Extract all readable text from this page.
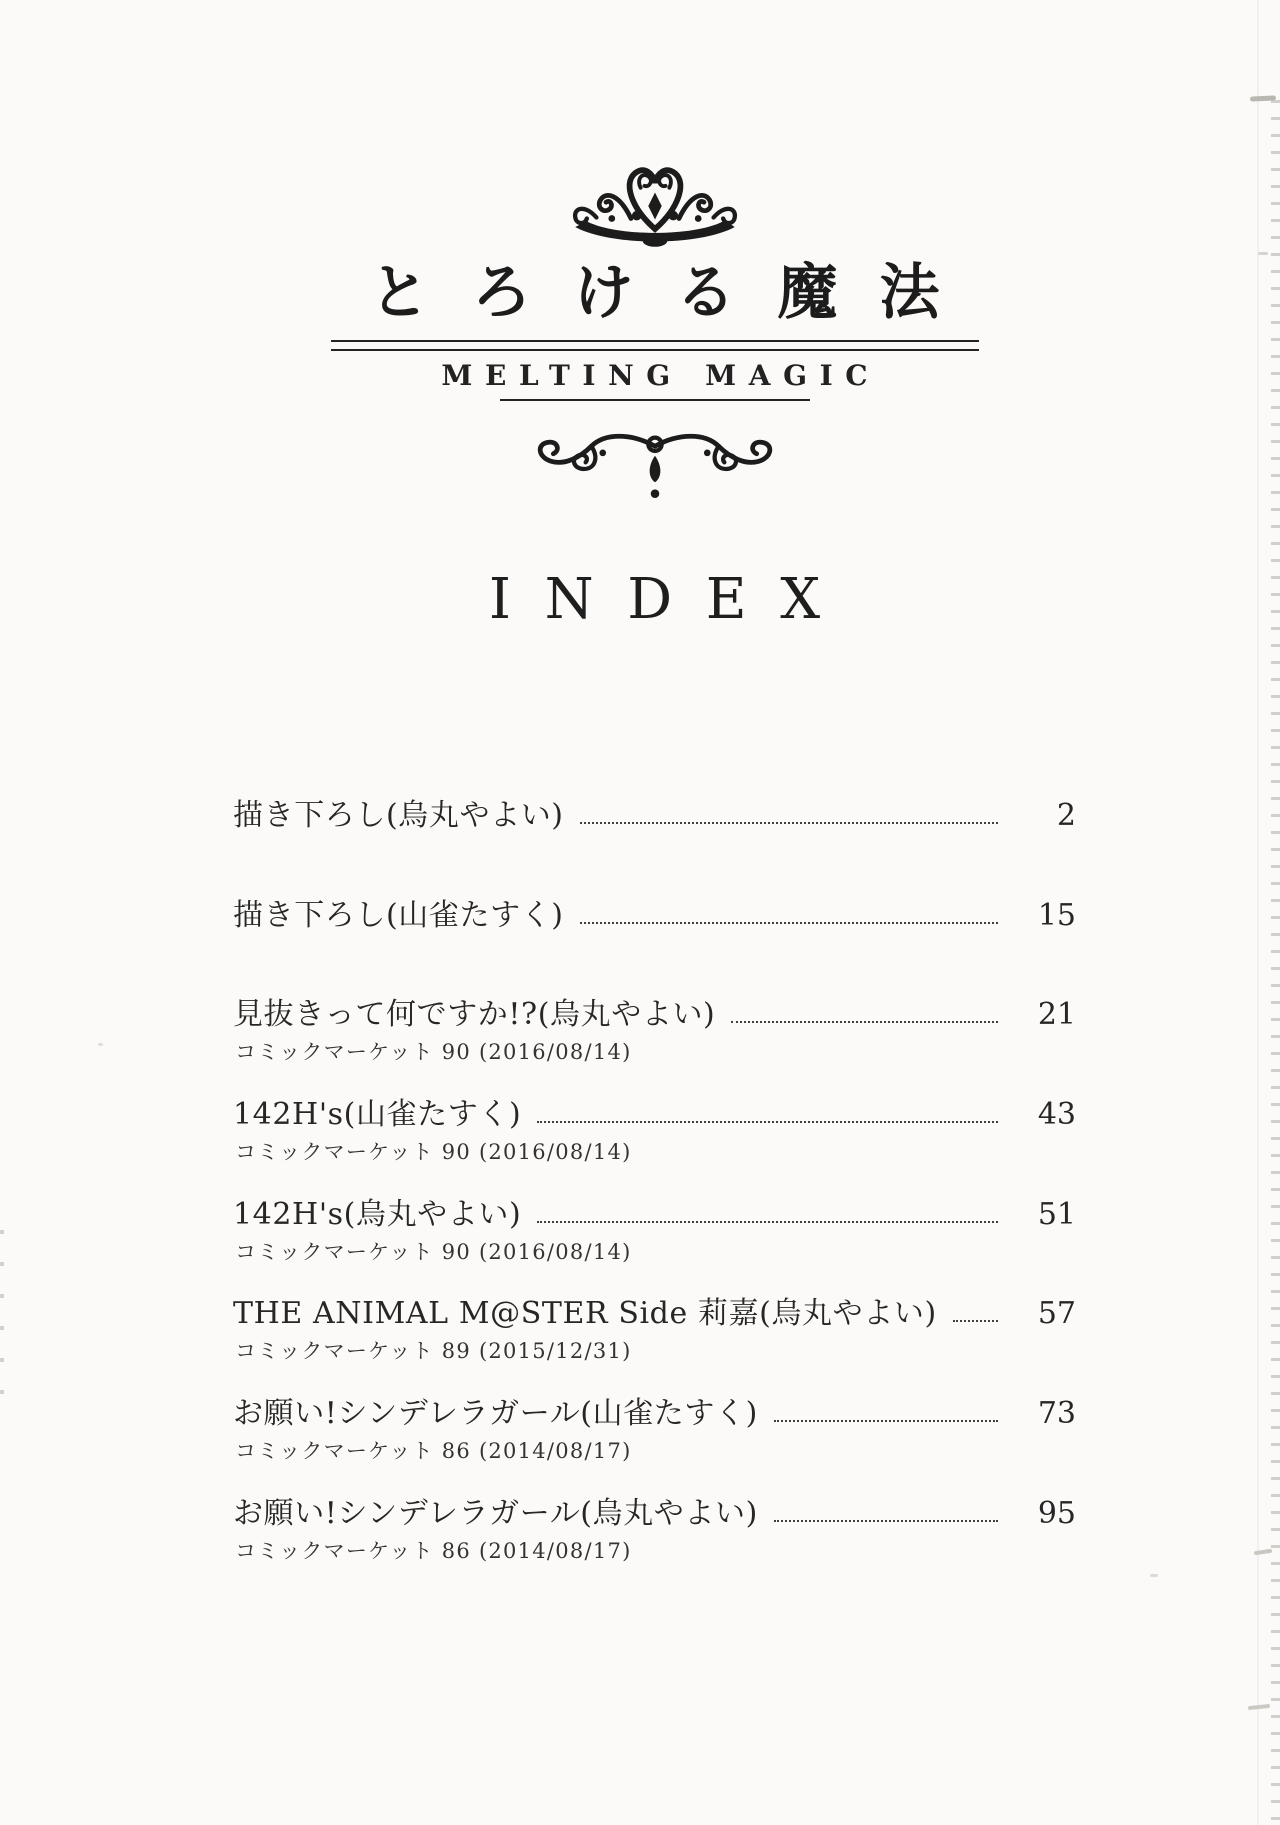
とろける魔法
MELTING MAGIC
INDEX
描き下ろし(烏丸やよい)	2
描き下ろし(山雀たすく)	15
見抜きって何ですか!?(烏丸やよい)	21
コミックマーケット 90 (2016/08/14)
142H's(山雀たすく)	43
コミックマーケット 90 (2016/08/14)
142H's(烏丸やよい)	51
コミックマーケット 90 (2016/08/14)
THE ANIMAL M@STER Side 莉嘉(烏丸やよい)	57
コミックマーケット 89 (2015/12/31)
お願い!シンデレラガール(山雀たすく)	73
コミックマーケット 86 (2014/08/17)
お願い!シンデレラガール(烏丸やよい)	95
コミックマーケット 86 (2014/08/17)
